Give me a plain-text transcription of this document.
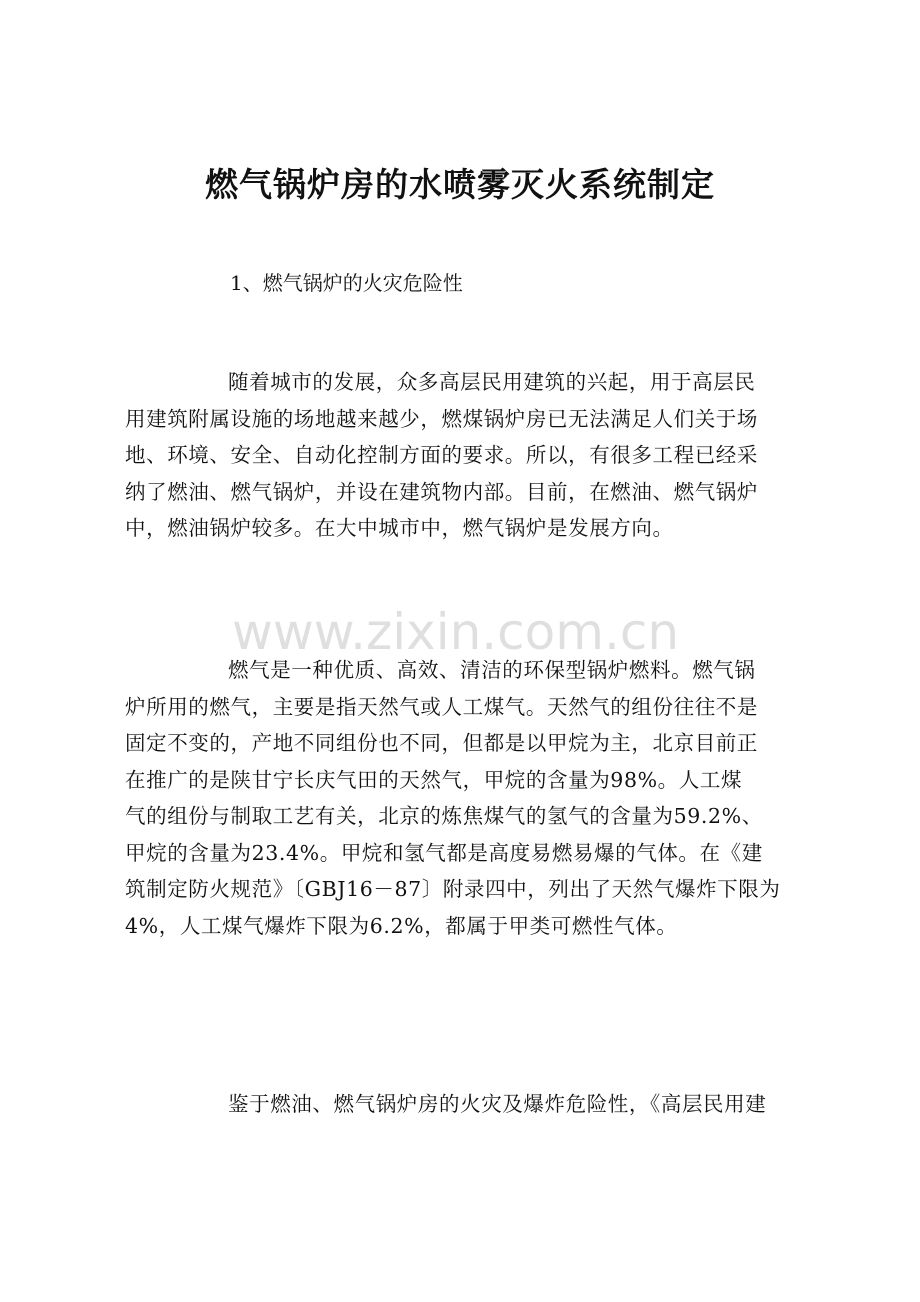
燃气锅炉房的水喷雾灭火系统制定
1、燃气锅炉的火灾危险性
随着城市的发展，众多高层民用建筑的兴起，用于高层民
用建筑附属设施的场地越来越少，燃煤锅炉房已无法满足人们关于场
地、环境、安全、自动化控制方面的要求。所以，有很多工程已经采
纳了燃油、燃气锅炉，并设在建筑物内部。目前，在燃油、燃气锅炉
中，燃油锅炉较多。在大中城市中，燃气锅炉是发展方向。
www.zixin.com.cn
燃气是一种优质、高效、清洁的环保型锅炉燃料。燃气锅
炉所用的燃气，主要是指天然气或人工煤气。天然气的组份往往不是
固定不变的，产地不同组份也不同，但都是以甲烷为主，北京目前正
在推广的是陕甘宁长庆气田的天然气，甲烷的含量为98%。人工煤
气的组份与制取工艺有关，北京的炼焦煤气的氢气的含量为59.2%、
甲烷的含量为23.4%。甲烷和氢气都是高度易燃易爆的气体。在《建
筑制定防火规范》〔GBJ16－87〕附录四中，列出了天然气爆炸下限为
4%，人工煤气爆炸下限为6.2%，都属于甲类可燃性气体。
鉴于燃油、燃气锅炉房的火灾及爆炸危险性，《高层民用建
